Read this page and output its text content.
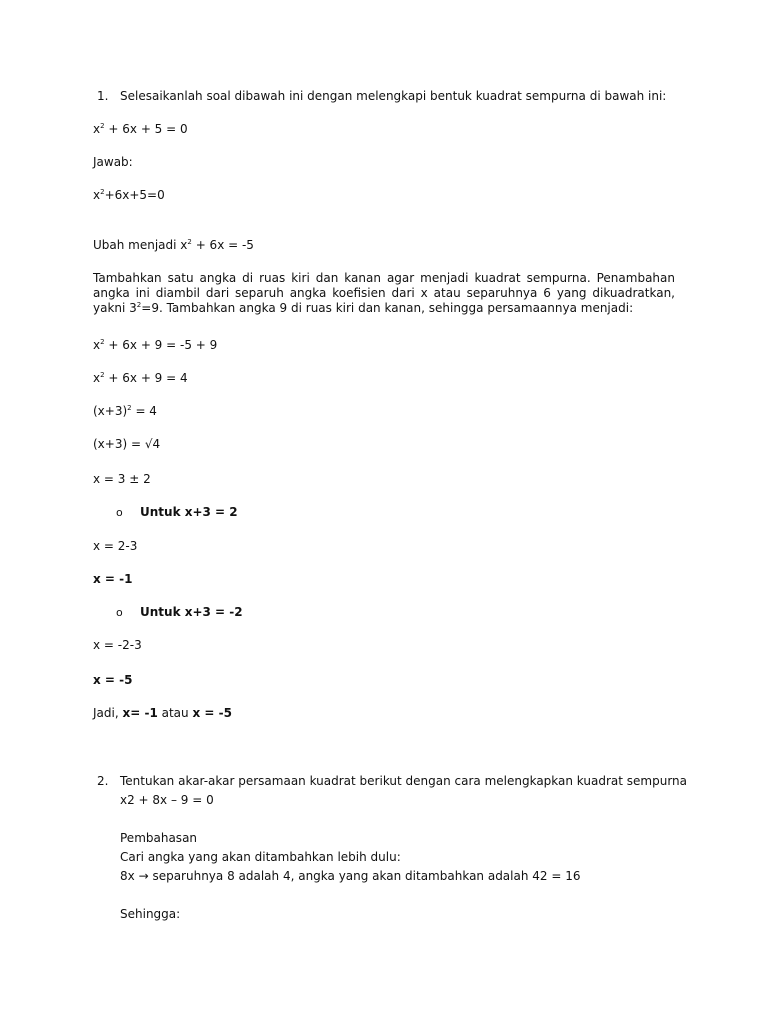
1. Selesaikanlah soal dibawah ini dengan melengkapi bentuk kuadrat sempurna di bawah ini:
$x^2 + 6x + 5 = 0$
Jawab:
$x^2+6x+5=0$
Ubah menjadi $x^2 + 6x = -5$
Tambahkan satu angka di ruas kiri dan kanan agar menjadi kuadrat sempurna. Penambahan angka ini diambil dari separuh angka koefisien dari x atau separuhnya 6 yang dikuadratkan, yakni $3^2=9$. Tambahkan angka 9 di ruas kiri dan kanan, sehingga persamaannya menjadi:
$x^2 + 6x + 9 = -5 + 9$
$x^2 + 6x + 9 = 4$
$(x+3)^2 = 4$
(x+3) = √4
x = 3 ± 2
o Untuk x+3 = 2
x = 2-3
x = -1
o Untuk x+3 = -2
x = -2-3
x = -5
Jadi, x= -1 atau x = -5
2. Tentukan akar-akar persamaan kuadrat berikut dengan cara melengkapkan kuadrat sempurna
x2 + 8x – 9 = 0
Pembahasan
Cari angka yang akan ditambahkan lebih dulu:
8x → separuhnya 8 adalah 4, angka yang akan ditambahkan adalah 42 = 16
Sehingga:
